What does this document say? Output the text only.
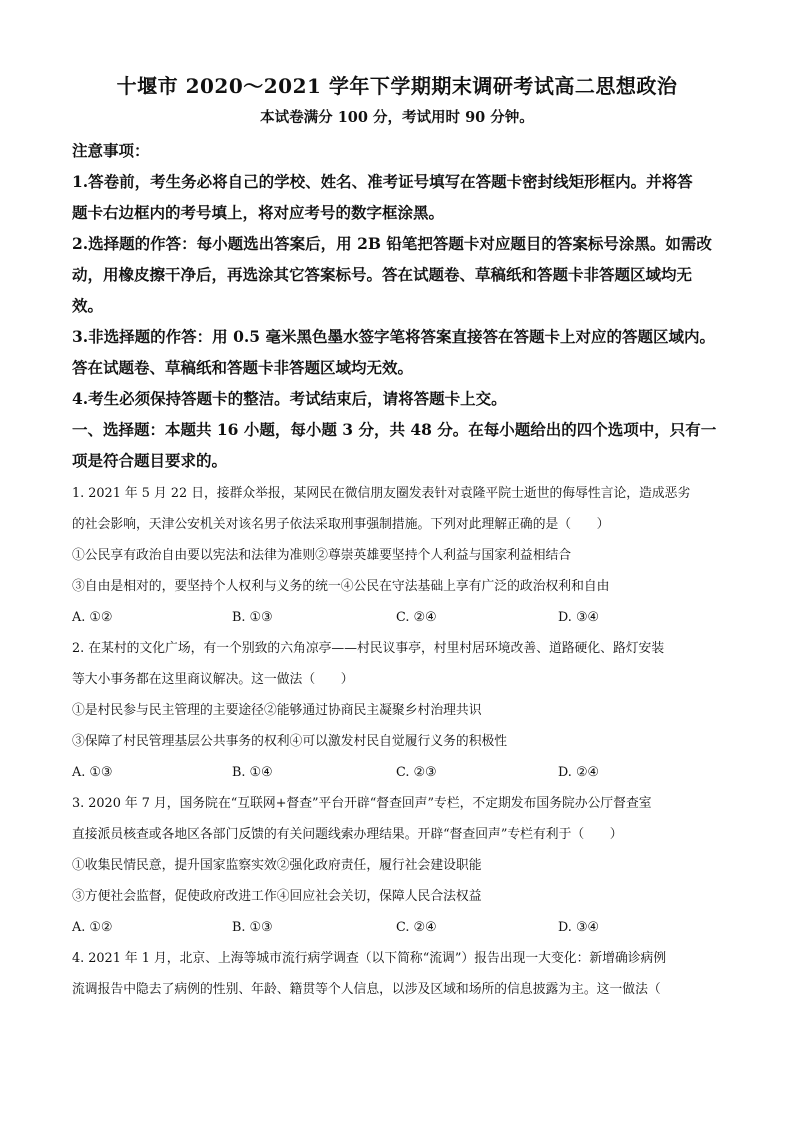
十堰市 2020～2021 学年下学期期末调研考试高二思想政治
本试卷满分 100 分，考试用时 90 分钟。
注意事项：
1.答卷前，考生务必将自己的学校、姓名、准考证号填写在答题卡密封线矩形框内。并将答
题卡右边框内的考号填上，将对应考号的数字框涂黑。
2.选择题的作答：每小题选出答案后，用 2B 铅笔把答题卡对应题目的答案标号涂黑。如需改
动，用橡皮擦干净后，再选涂其它答案标号。答在试题卷、草稿纸和答题卡非答题区域均无
效。
3.非选择题的作答：用 0.5 毫米黑色墨水签字笔将答案直接答在答题卡上对应的答题区域内。
答在试题卷、草稿纸和答题卡非答题区域均无效。
4.考生必须保持答题卡的整洁。考试结束后，请将答题卡上交。
一、选择题：本题共 16 小题，每小题 3 分，共 48 分。在每小题给出的四个选项中，只有一
项是符合题目要求的。
1. 2021 年 5 月 22 日，接群众举报，某网民在微信朋友圈发表针对袁隆平院士逝世的侮辱性言论，造成恶劣
的社会影响，天津公安机关对该名男子依法采取刑事强制措施。下列对此理解正确的是（　　）
①公民享有政治自由要以宪法和法律为准则②尊崇英雄要坚持个人利益与国家利益相结合
③自由是相对的，要坚持个人权利与义务的统一④公民在守法基础上享有广泛的政治权利和自由
A. ①②	B. ①③	C. ②④	D. ③④
2. 在某村的文化广场，有一个别致的六角凉亭——村民议事亭，村里村居环境改善、道路硬化、路灯安装
等大小事务都在这里商议解决。这一做法（　　）
①是村民参与民主管理的主要途径②能够通过协商民主凝聚乡村治理共识
③保障了村民管理基层公共事务的权利④可以激发村民自觉履行义务的积极性
A. ①③	B. ①④	C. ②③	D. ②④
3. 2020 年 7 月，国务院在“互联网+督查”平台开辟“督查回声”专栏，不定期发布国务院办公厅督查室
直接派员核查或各地区各部门反馈的有关问题线索办理结果。开辟“督查回声”专栏有利于（　　）
①收集民情民意，提升国家监察实效②强化政府责任，履行社会建设职能
③方便社会监督，促使政府改进工作④回应社会关切，保障人民合法权益
A. ①②	B. ①③	C. ②④	D. ③④
4. 2021 年 1 月，北京、上海等城市流行病学调查（以下简称“流调”）报告出现一大变化：新增确诊病例
流调报告中隐去了病例的性别、年龄、籍贯等个人信息，以涉及区域和场所的信息披露为主。这一做法（
